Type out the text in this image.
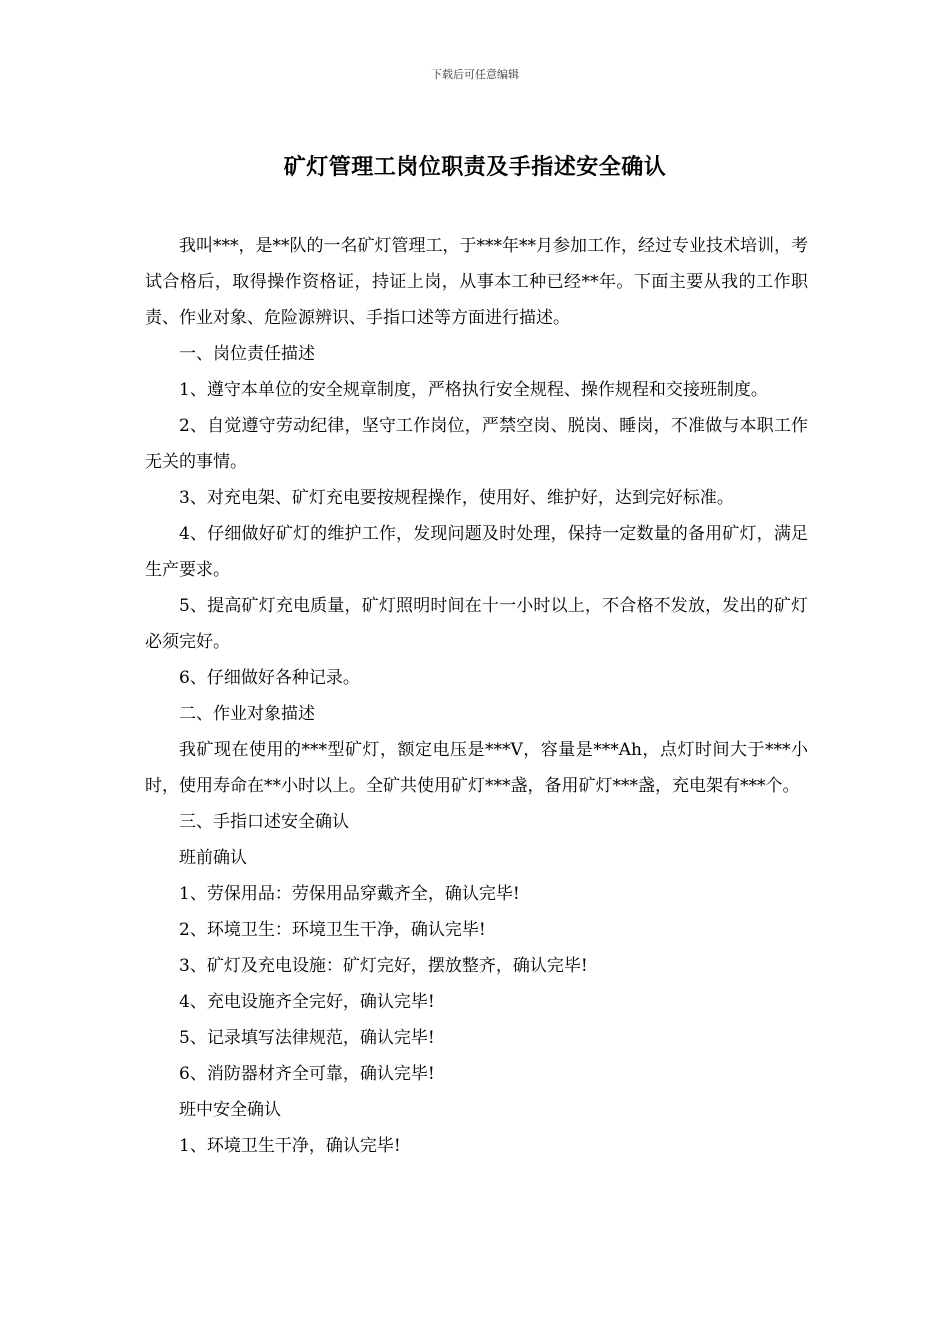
下载后可任意编辑
矿灯管理工岗位职责及手指述安全确认

我叫***，是**队的一名矿灯管理工，于***年**月参加工作，经过专业技术培训，考试合格后，取得操作资格证，持证上岗，从事本工种已经**年。下面主要从我的工作职责、作业对象、危险源辨识、手指口述等方面进行描述。

一、岗位责任描述

1、遵守本单位的安全规章制度，严格执行安全规程、操作规程和交接班制度。

2、自觉遵守劳动纪律，坚守工作岗位，严禁空岗、脱岗、睡岗，不准做与本职工作无关的事情。

3、对充电架、矿灯充电要按规程操作，使用好、维护好，达到完好标准。

4、仔细做好矿灯的维护工作，发现问题及时处理，保持一定数量的备用矿灯，满足生产要求。

5、提高矿灯充电质量，矿灯照明时间在十一小时以上，不合格不发放，发出的矿灯必须完好。

6、仔细做好各种记录。

二、作业对象描述

我矿现在使用的***型矿灯，额定电压是***V，容量是***Ah，点灯时间大于***小时，使用寿命在**小时以上。全矿共使用矿灯***盏，备用矿灯***盏，充电架有***个。

三、手指口述安全确认

班前确认

1、劳保用品：劳保用品穿戴齐全，确认完毕!

2、环境卫生：环境卫生干净，确认完毕!

3、矿灯及充电设施：矿灯完好，摆放整齐，确认完毕!

4、充电设施齐全完好，确认完毕!

5、记录填写法律规范，确认完毕!

6、消防器材齐全可靠，确认完毕!

班中安全确认

1、环境卫生干净，确认完毕!
